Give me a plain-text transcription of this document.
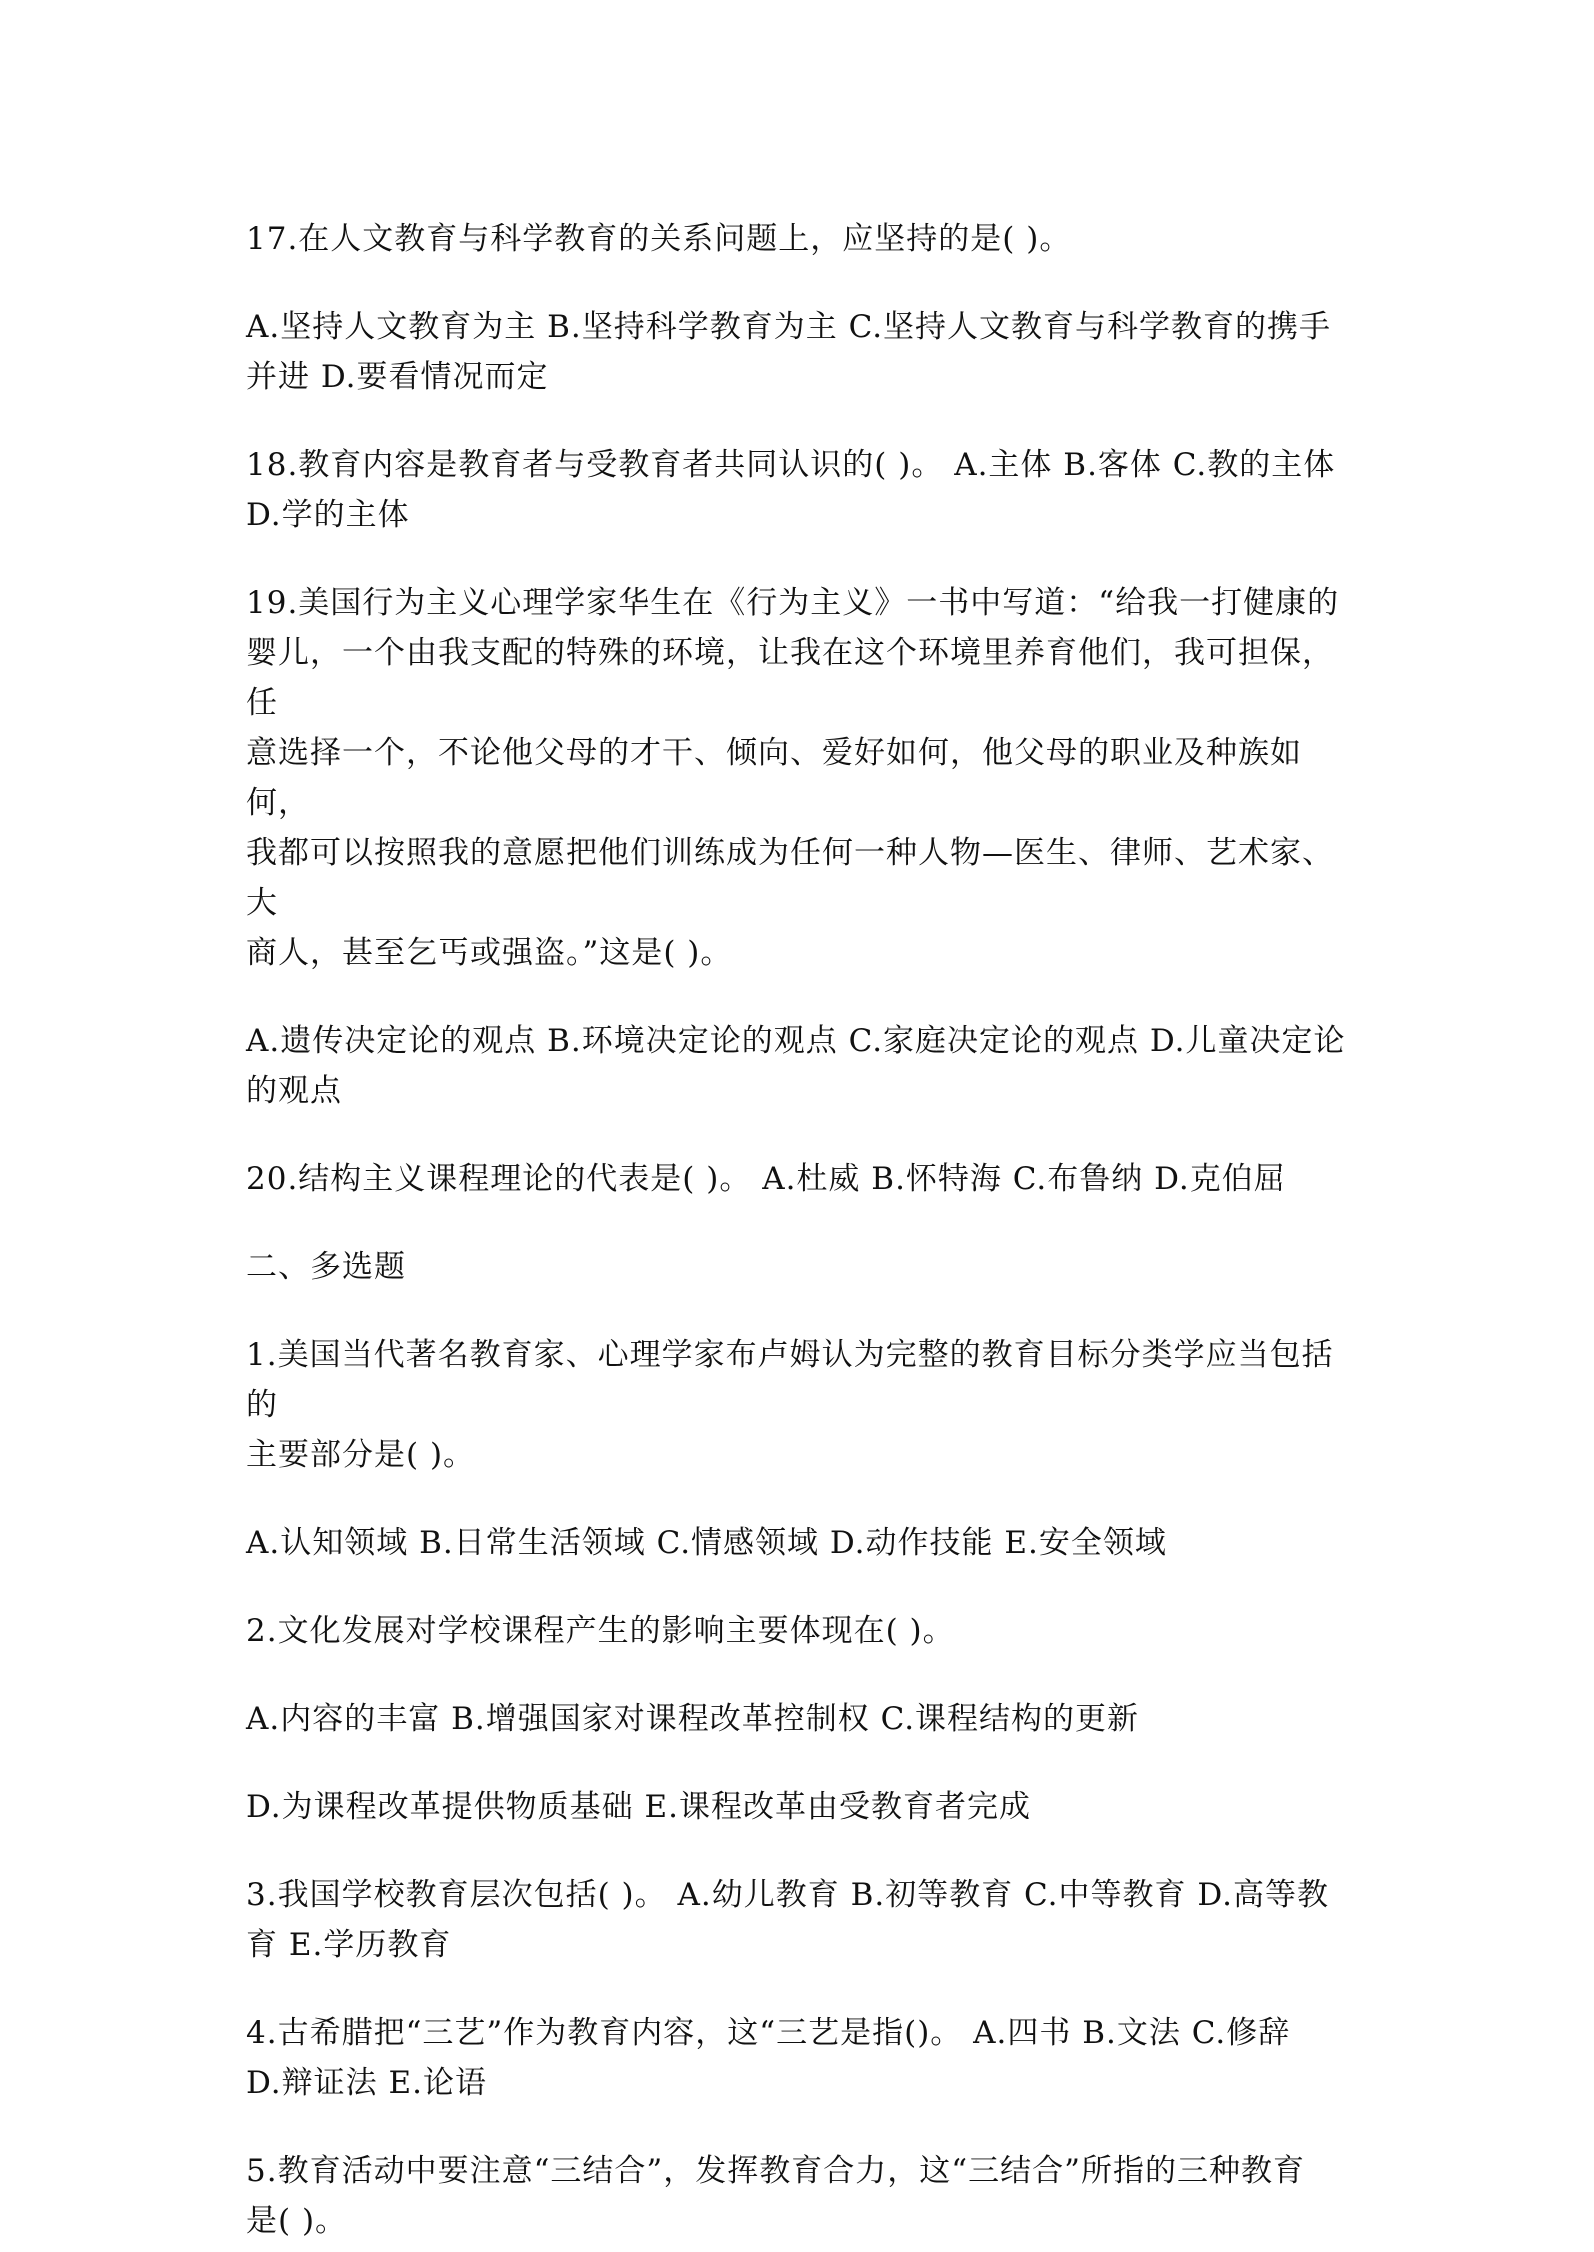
17.在人文教育与科学教育的关系问题上，应坚持的是( )。

A.坚持人文教育为主 B.坚持科学教育为主 C.坚持人文教育与科学教育的携手
并进 D.要看情况而定

18.教育内容是教育者与受教育者共同认识的( )。 A.主体 B.客体 C.教的主体
D.学的主体

19.美国行为主义心理学家华生在《行为主义》一书中写道：“给我一打健康的
婴儿，一个由我支配的特殊的环境，让我在这个环境里养育他们，我可担保，任
意选择一个，不论他父母的才干、倾向、爱好如何，他父母的职业及种族如何，
我都可以按照我的意愿把他们训练成为任何一种人物—医生、律师、艺术家、大
商人，甚至乞丐或强盗。”这是( )。

A.遗传决定论的观点 B.环境决定论的观点 C.家庭决定论的观点 D.儿童决定论
的观点

20.结构主义课程理论的代表是( )。 A.杜威 B.怀特海 C.布鲁纳 D.克伯屈

二、多选题

1.美国当代著名教育家、心理学家布卢姆认为完整的教育目标分类学应当包括的
主要部分是( )。

A.认知领域 B.日常生活领域 C.情感领域 D.动作技能 E.安全领域

2.文化发展对学校课程产生的影响主要体现在( )。

A.内容的丰富 B.增强国家对课程改革控制权 C.课程结构的更新

D.为课程改革提供物质基础 E.课程改革由受教育者完成

3.我国学校教育层次包括( )。 A.幼儿教育 B.初等教育 C.中等教育 D.高等教
育 E.学历教育

4.古希腊把“三艺”作为教育内容，这“三艺是指()。 A.四书 B.文法 C.修辞
D.辩证法 E.论语

5.教育活动中要注意“三结合”，发挥教育合力，这“三结合”所指的三种教育
是( )。
